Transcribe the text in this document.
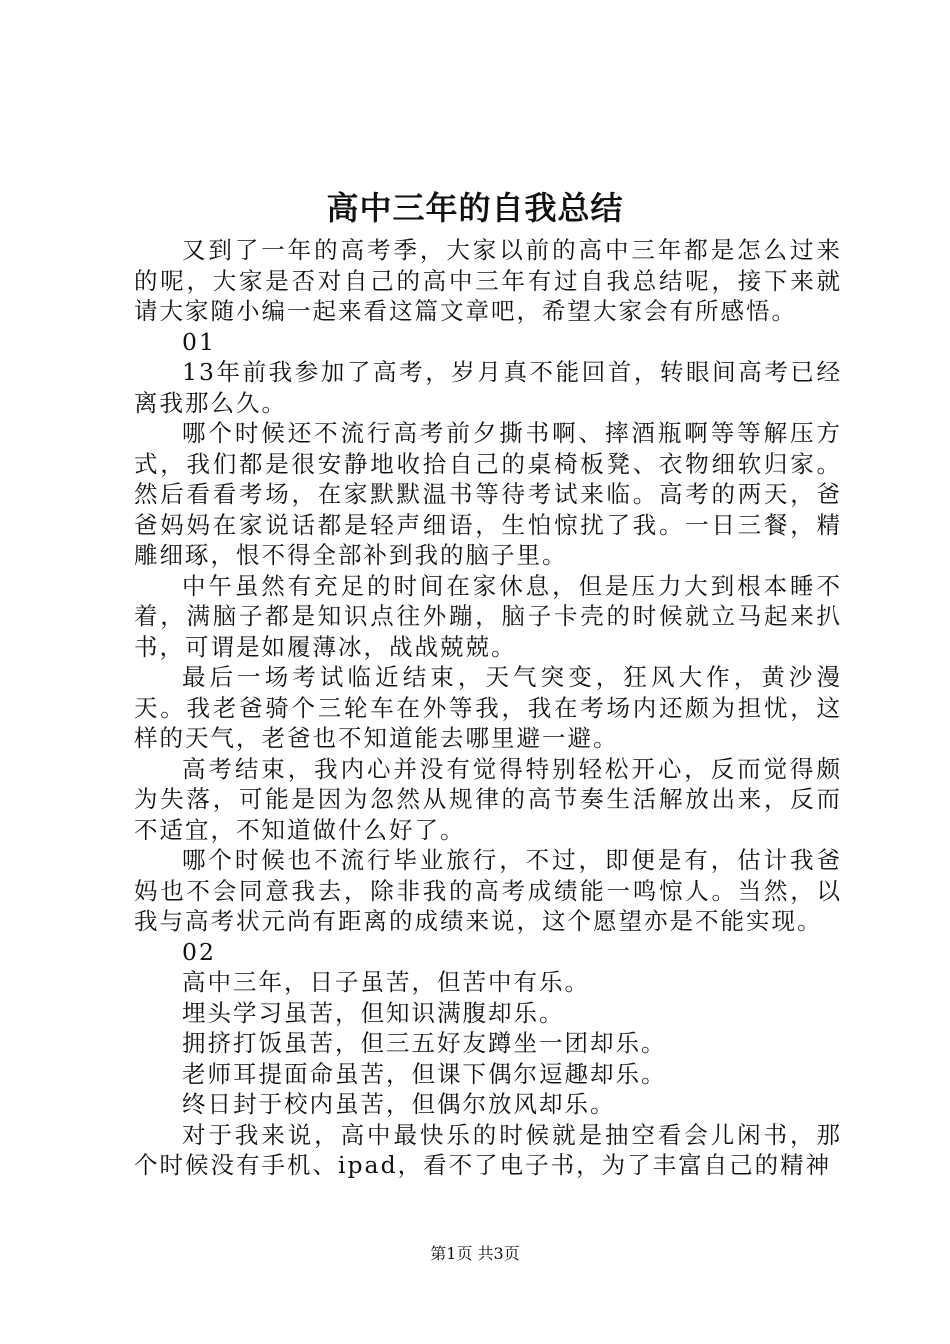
高中三年的自我总结

又到了一年的高考季，大家以前的高中三年都是怎么过来的呢，大家是否对自己的高中三年有过自我总结呢，接下来就请大家随小编一起来看这篇文章吧，希望大家会有所感悟。

01

13年前我参加了高考，岁月真不能回首，转眼间高考已经离我那么久。

哪个时候还不流行高考前夕撕书啊、摔酒瓶啊等等解压方式，我们都是很安静地收拾自己的桌椅板凳、衣物细软归家。然后看看考场，在家默默温书等待考试来临。高考的两天，爸爸妈妈在家说话都是轻声细语，生怕惊扰了我。一日三餐，精雕细琢，恨不得全部补到我的脑子里。

中午虽然有充足的时间在家休息，但是压力大到根本睡不着，满脑子都是知识点往外蹦，脑子卡壳的时候就立马起来扒书，可谓是如履薄冰，战战兢兢。

最后一场考试临近结束，天气突变，狂风大作，黄沙漫天。我老爸骑个三轮车在外等我，我在考场内还颇为担忧，这样的天气，老爸也不知道能去哪里避一避。

高考结束，我内心并没有觉得特别轻松开心，反而觉得颇为失落，可能是因为忽然从规律的高节奏生活解放出来，反而不适宜，不知道做什么好了。

哪个时候也不流行毕业旅行，不过，即便是有，估计我爸妈也不会同意我去，除非我的高考成绩能一鸣惊人。当然，以我与高考状元尚有距离的成绩来说，这个愿望亦是不能实现。

02

高中三年，日子虽苦，但苦中有乐。

埋头学习虽苦，但知识满腹却乐。

拥挤打饭虽苦，但三五好友蹲坐一团却乐。

老师耳提面命虽苦，但课下偶尔逗趣却乐。

终日封于校内虽苦，但偶尔放风却乐。

对于我来说，高中最快乐的时候就是抽空看会儿闲书，那个时候没有手机、ipad，看不了电子书，为了丰富自己的精神

第1页 共3页
